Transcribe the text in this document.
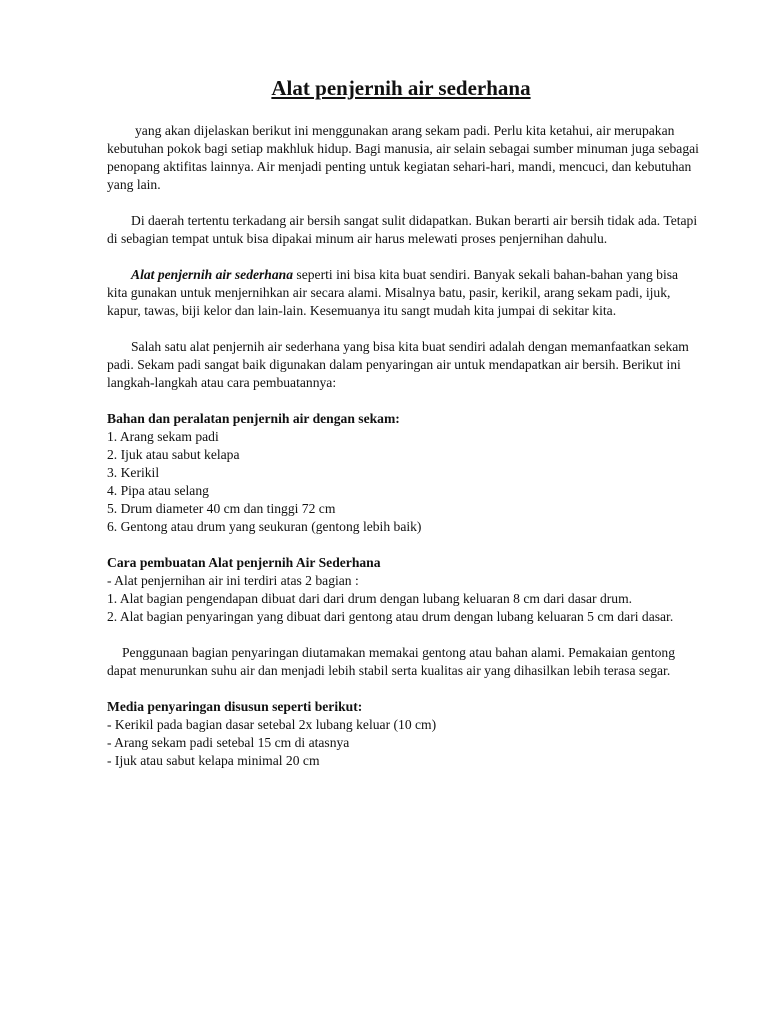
Alat penjernih air sederhana

yang akan dijelaskan berikut ini menggunakan arang sekam padi. Perlu kita ketahui, air merupakan kebutuhan pokok bagi setiap makhluk hidup. Bagi manusia, air selain sebagai sumber minuman juga sebagai penopang aktifitas lainnya. Air menjadi penting untuk kegiatan sehari-hari, mandi, mencuci, dan kebutuhan yang lain.

Di daerah tertentu terkadang air bersih sangat sulit didapatkan. Bukan berarti air bersih tidak ada. Tetapi di sebagian tempat untuk bisa dipakai minum air harus melewati proses penjernihan dahulu.

Alat penjernih air sederhana seperti ini bisa kita buat sendiri. Banyak sekali bahan-bahan yang bisa kita gunakan untuk menjernihkan air secara alami. Misalnya batu, pasir, kerikil, arang sekam padi, ijuk, kapur, tawas, biji kelor dan lain-lain. Kesemuanya itu sangt mudah kita jumpai di sekitar kita.

Salah satu alat penjernih air sederhana yang bisa kita buat sendiri adalah dengan memanfaatkan sekam padi. Sekam padi sangat baik digunakan dalam penyaringan air untuk mendapatkan air bersih. Berikut ini langkah-langkah atau cara pembuatannya:

Bahan dan peralatan penjernih air dengan sekam:
1. Arang sekam padi
2. Ijuk atau sabut kelapa
3. Kerikil
4. Pipa atau selang
5. Drum diameter 40 cm dan tinggi 72 cm
6. Gentong atau drum yang seukuran (gentong lebih baik)
Cara pembuatan Alat penjernih Air Sederhana
- Alat penjernihan air ini terdiri atas 2 bagian :
1. Alat bagian pengendapan dibuat dari dari drum dengan lubang keluaran 8 cm dari dasar drum.
2. Alat bagian penyaringan yang dibuat dari gentong atau drum dengan lubang keluaran 5 cm dari dasar.

Penggunaan bagian penyaringan diutamakan memakai gentong atau bahan alami. Pemakaian gentong dapat menurunkan suhu air dan menjadi lebih stabil serta kualitas air yang dihasilkan lebih terasa segar.

Media penyaringan disusun seperti berikut:
- Kerikil pada bagian dasar setebal 2x lubang keluar (10 cm)
- Arang sekam padi setebal 15 cm di atasnya
- Ijuk atau sabut kelapa minimal 20 cm
